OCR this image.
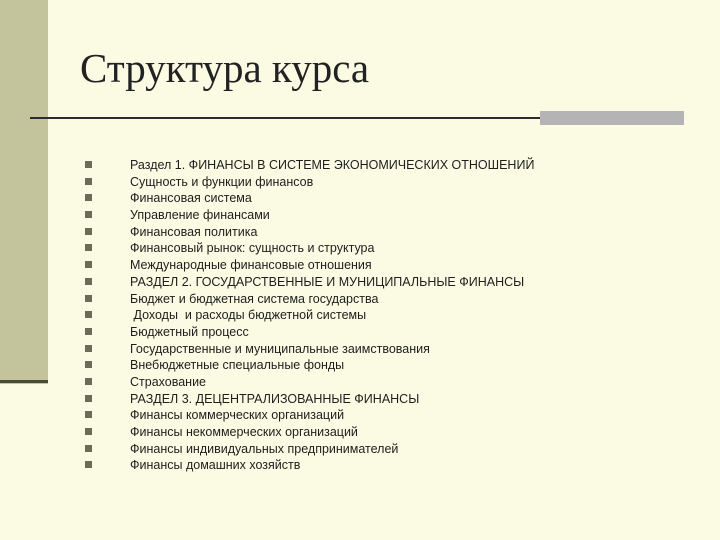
Структура курса
Раздел 1. ФИНАНСЫ В СИСТЕМЕ ЭКОНОМИЧЕСКИХ ОТНОШЕНИЙ
Сущность и функции финансов
Финансовая система
Управление финансами
Финансовая политика
Финансовый рынок: сущность и структура
Международные финансовые отношения
РАЗДЕЛ 2. ГОСУДАРСТВЕННЫЕ И МУНИЦИПАЛЬНЫЕ ФИНАНСЫ
Бюджет и бюджетная система государства
Доходы  и расходы бюджетной системы
Бюджетный процесс
Государственные и муниципальные заимствования
Внебюджетные специальные фонды
Страхование
РАЗДЕЛ 3. ДЕЦЕНТРАЛИЗОВАННЫЕ ФИНАНСЫ
Финансы коммерческих организаций
Финансы некоммерческих организаций
Финансы индивидуальных предпринимателей
Финансы домашних хозяйств
